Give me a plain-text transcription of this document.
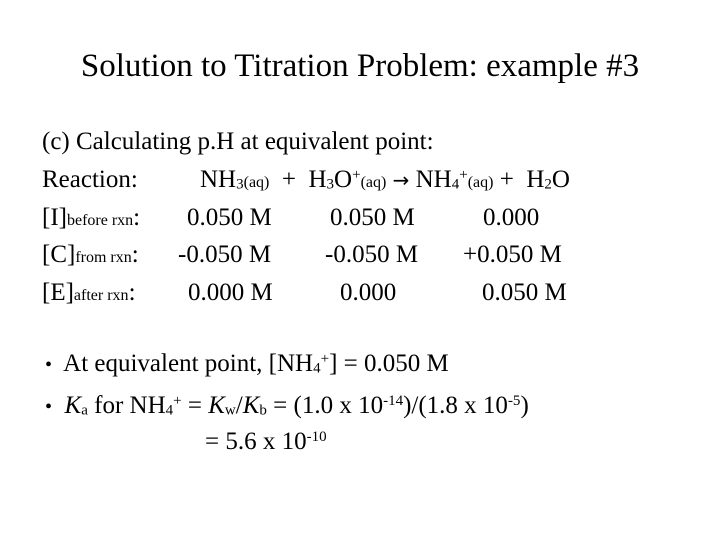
Solution to Titration Problem: example #3
(c) Calculating p.H at equivalent point:
Reaction: NH3(aq) + H3O+(aq) → NH4+(aq) + H2O
[I]before rxn: 0.050 M 0.050 M	0.000
[C]from rxn: -0.050 M -0.050 M +0.050 M
[E]after rxn: 0.000 M	0.000	0.050 M
• At equivalent point, [NH4+] = 0.050 M
• Ka for NH4+ = Kw/Kb = (1.0 x $10^{-14})/(1.8$ x $10^{-5}$)
= 5.6 x $10^{-10}$
